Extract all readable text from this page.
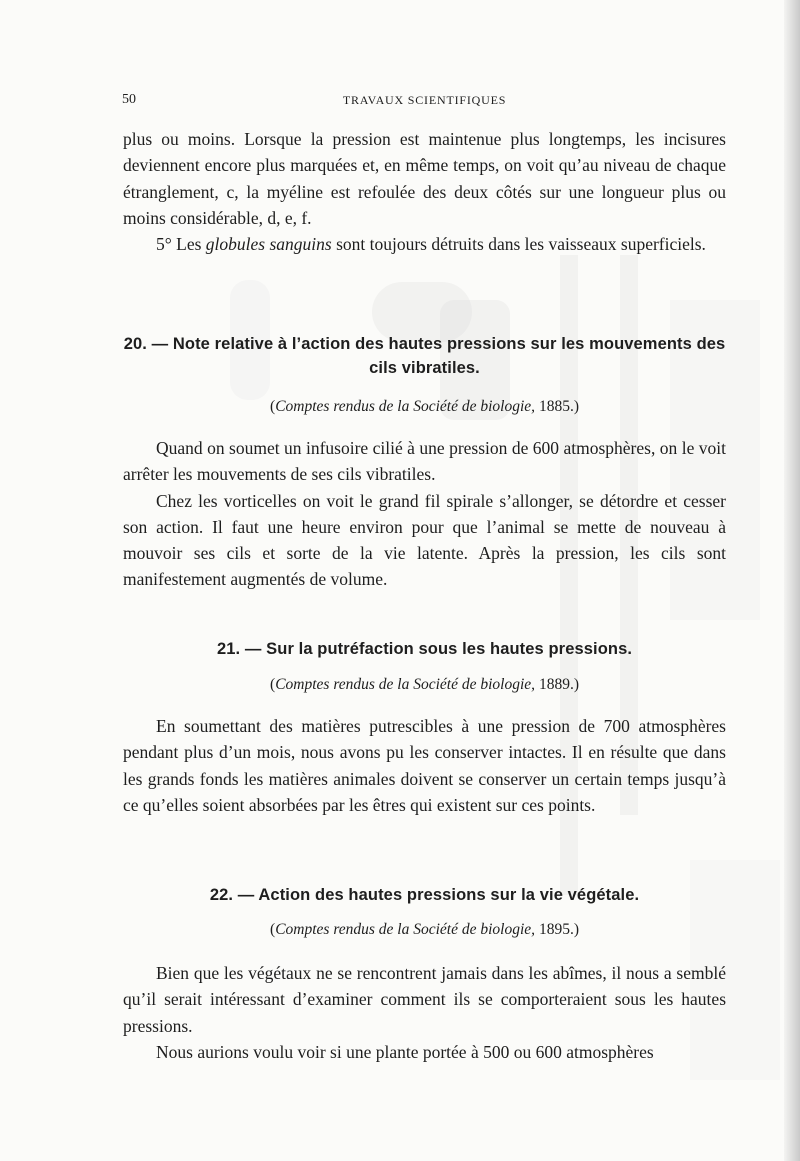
50	TRAVAUX SCIENTIFIQUES

plus ou moins. Lorsque la pression est maintenue plus longtemps, les incisures deviennent encore plus marquées et, en même temps, on voit qu’au niveau de chaque étranglement, c, la myéline est refoulée des deux côtés sur une longueur plus ou moins considérable, d, e, f.

5° Les globules sanguins sont toujours détruits dans les vaisseaux superficiels.

20. — Note relative à l’action des hautes pressions sur les mouvements des cils vibratiles.
(Comptes rendus de la Société de biologie, 1885.)

Quand on soumet un infusoire cilié à une pression de 600 atmosphères, on le voit arrêter les mouvements de ses cils vibratiles.

Chez les vorticelles on voit le grand fil spirale s’allonger, se détordre et cesser son action. Il faut une heure environ pour que l’animal se mette de nouveau à mouvoir ses cils et sorte de la vie latente. Après la pression, les cils sont manifestement augmentés de volume.

21. — Sur la putréfaction sous les hautes pressions.
(Comptes rendus de la Société de biologie, 1889.)

En soumettant des matières putrescibles à une pression de 700 atmosphères pendant plus d’un mois, nous avons pu les conserver intactes. Il en résulte que dans les grands fonds les matières animales doivent se conserver un certain temps jusqu’à ce qu’elles soient absorbées par les êtres qui existent sur ces points.

22. — Action des hautes pressions sur la vie végétale.
(Comptes rendus de la Société de biologie, 1895.)

Bien que les végétaux ne se rencontrent jamais dans les abîmes, il nous a semblé qu’il serait intéressant d’examiner comment ils se comporteraient sous les hautes pressions.

Nous aurions voulu voir si une plante portée à 500 ou 600 atmosphères
